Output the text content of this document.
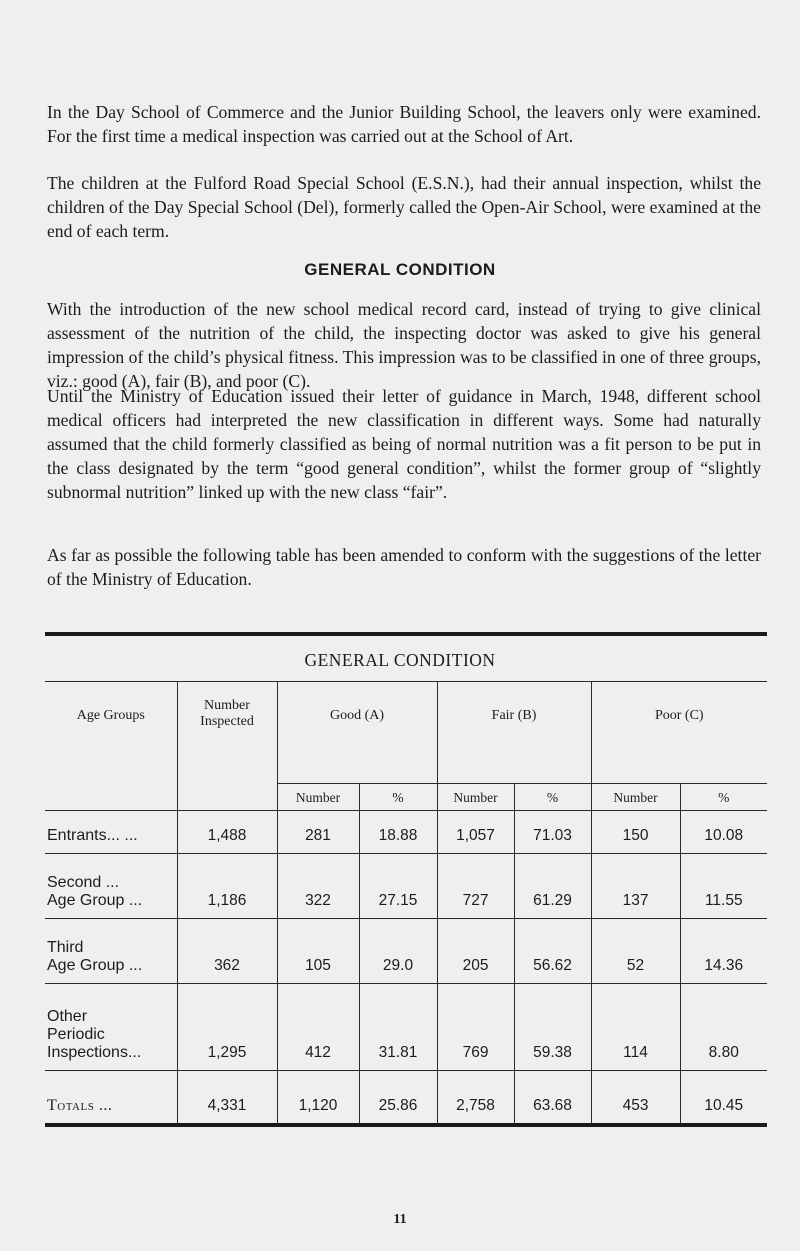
In the Day School of Commerce and the Junior Building School, the leavers only were examined. For the first time a medical inspection was carried out at the School of Art.

The children at the Fulford Road Special School (E.S.N.), had their annual inspection, whilst the children of the Day Special School (Del), formerly called the Open-Air School, were examined at the end of each term.

GENERAL CONDITION

With the introduction of the new school medical record card, instead of trying to give clinical assessment of the nutrition of the child, the inspecting doctor was asked to give his general impression of the child’s physical fitness. This impression was to be classified in one of three groups, viz.: good (A), fair (B), and poor (C).

Until the Ministry of Education issued their letter of guidance in March, 1948, different school medical officers had interpreted the new classification in different ways. Some had naturally assumed that the child formerly classified as being of normal nutrition was a fit person to be put in the class designated by the term “good general condition”, whilst the former group of “slightly subnormal nutrition” linked up with the new class “fair”.

As far as possible the following table has been amended to conform with the suggestions of the letter of the Ministry of Education.

GENERAL CONDITION

Age Groups	Number Inspected	Good (A)		Fair (B)		Poor (C)	
		Number	%	Number	%	Number	%

Entrants... ...	1,488	281	18.88	1,057	71.03	150	10.08

Second ...
Age Group ...	1,186	322	27.15	727	61.29	137	11.55

Third
Age Group ...	362	105	29.0	205	56.62	52	14.36

Other
Periodic
Inspections...	1,295	412	31.81	769	59.38	114	8.80
Totals ...	4,331	1,120	25.86	2,758	63.68	453	10.45

11
